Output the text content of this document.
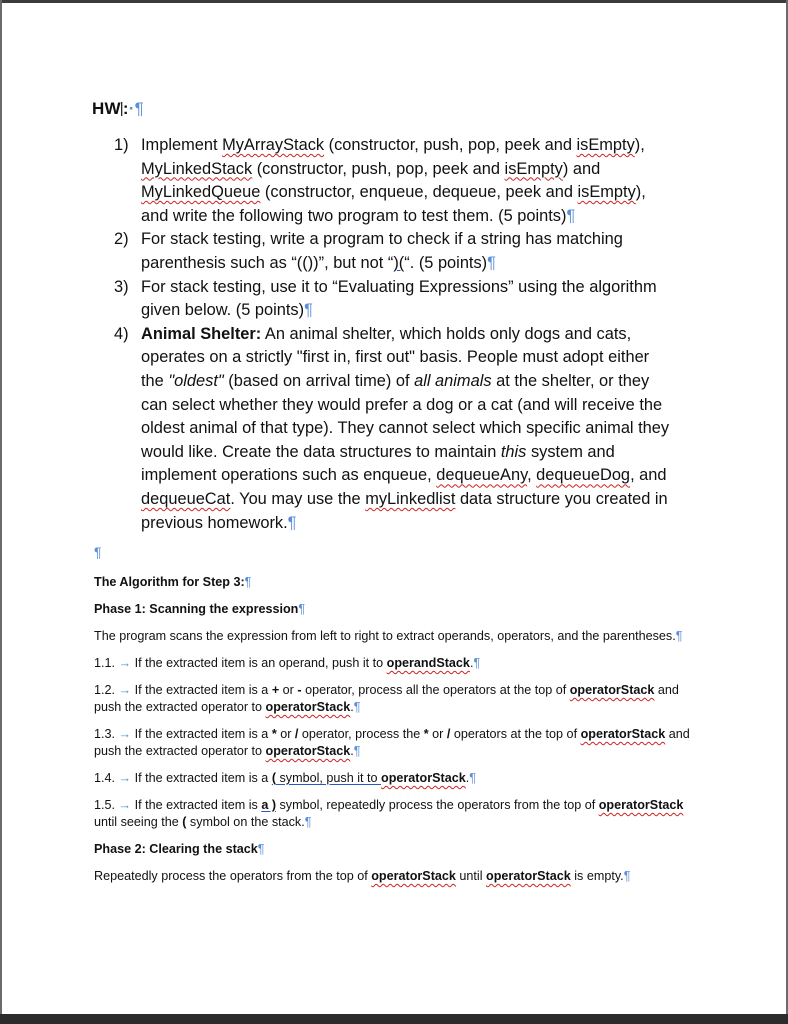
HW|:·¶
1) Implement MyArrayStack (constructor, push, pop, peek and isEmpty), MyLinkedStack (constructor, push, pop, peek and isEmpty) and MyLinkedQueue (constructor, enqueue, dequeue, peek and isEmpty), and write the following two program to test them. (5 points)¶
2) For stack testing, write a program to check if a string has matching parenthesis such as “(())”, but not “)(“. (5 points)¶
3) For stack testing, use it to “Evaluating Expressions” using the algorithm given below. (5 points)¶
4) Animal Shelter: An animal shelter, which holds only dogs and cats, operates on a strictly "first in, first out" basis. People must adopt either the "oldest" (based on arrival time) of all animals at the shelter, or they can select whether they would prefer a dog or a cat (and will receive the oldest animal of that type). They cannot select which specific animal they would like. Create the data structures to maintain this system and implement operations such as enqueue, dequeueAny, dequeueDog, and dequeueCat. You may use the myLinkedlist data structure you created in previous homework.¶
¶

The Algorithm for Step 3:¶

Phase 1: Scanning the expression¶

The program scans the expression from left to right to extract operands, operators, and the parentheses.¶

1.1. → If the extracted item is an operand, push it to operandStack.¶

1.2. → If the extracted item is a + or - operator, process all the operators at the top of operatorStack and push the extracted operator to operatorStack.¶

1.3. → If the extracted item is a * or / operator, process the * or / operators at the top of operatorStack and push the extracted operator to operatorStack.¶

1.4. → If the extracted item is a ( symbol, push it to operatorStack.¶

1.5. → If the extracted item is a ) symbol, repeatedly process the operators from the top of operatorStack until seeing the ( symbol on the stack.¶

Phase 2: Clearing the stack¶

Repeatedly process the operators from the top of operatorStack until operatorStack is empty.¶
